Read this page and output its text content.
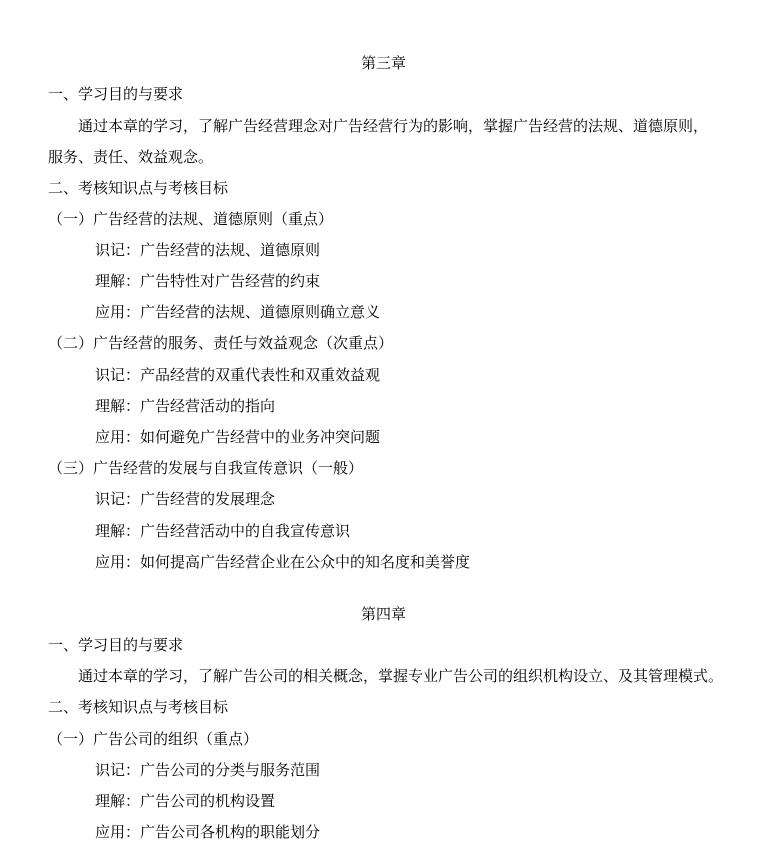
第三章
一、学习目的与要求
通过本章的学习，了解广告经营理念对广告经营行为的影响，掌握广告经营的法规、道德原则，
服务、责任、效益观念。
二、考核知识点与考核目标
（一）广告经营的法规、道德原则（重点）
识记：广告经营的法规、道德原则
理解：广告特性对广告经营的约束
应用：广告经营的法规、道德原则确立意义
（二）广告经营的服务、责任与效益观念（次重点）
识记：产品经营的双重代表性和双重效益观
理解：广告经营活动的指向
应用：如何避免广告经营中的业务冲突问题
（三）广告经营的发展与自我宣传意识（一般）
识记：广告经营的发展理念
理解：广告经营活动中的自我宣传意识
应用：如何提高广告经营企业在公众中的知名度和美誉度
第四章
一、学习目的与要求
通过本章的学习，了解广告公司的相关概念，掌握专业广告公司的组织机构设立、及其管理模式。
二、考核知识点与考核目标
（一）广告公司的组织（重点）
识记：广告公司的分类与服务范围
理解：广告公司的机构设置
应用：广告公司各机构的职能划分
